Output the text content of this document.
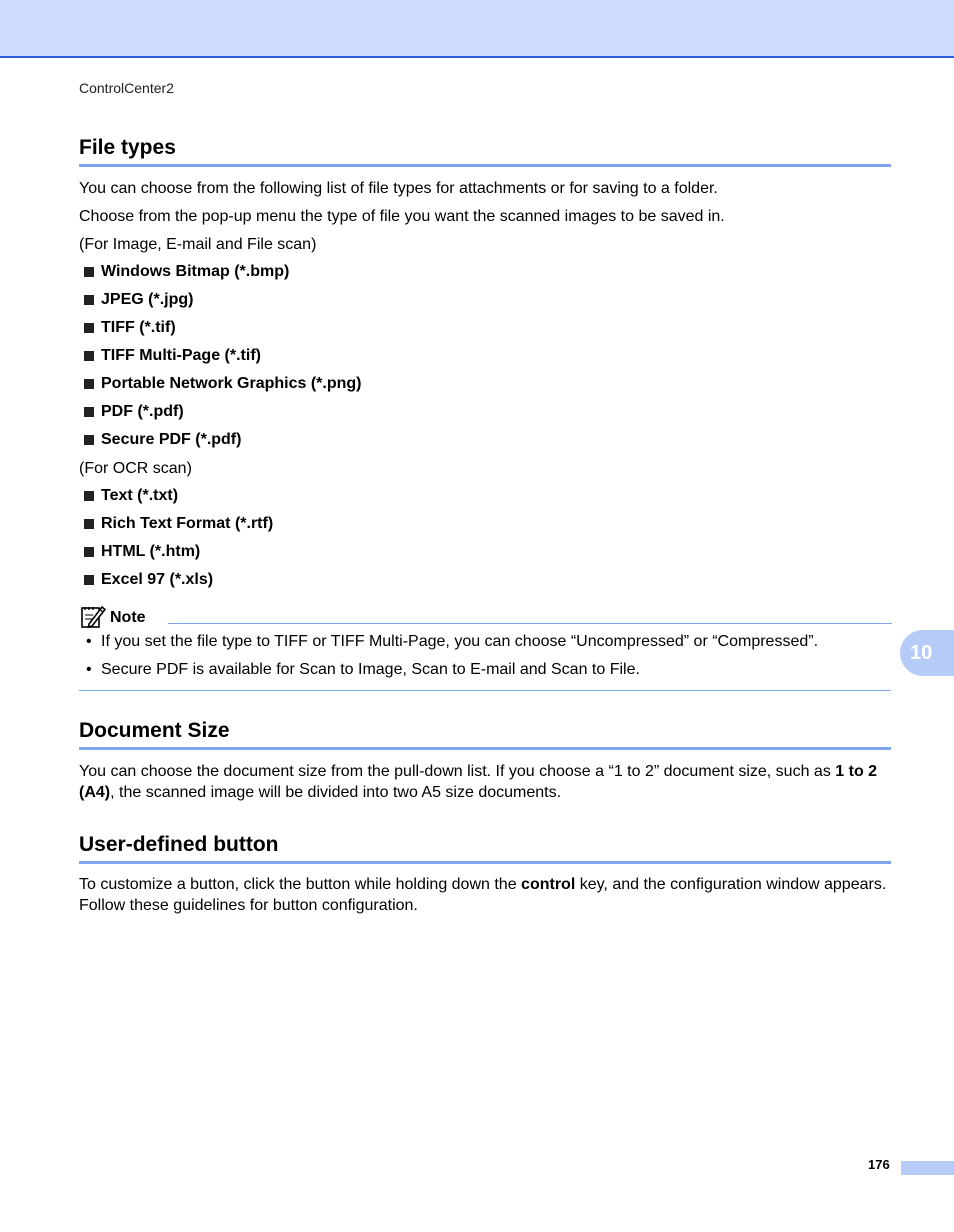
ControlCenter2
File types

You can choose from the following list of file types for attachments or for saving to a folder.

Choose from the pop-up menu the type of file you want the scanned images to be saved in.

(For Image, E-mail and File scan)

Windows Bitmap (*.bmp)
JPEG (*.jpg)
TIFF (*.tif)
TIFF Multi-Page (*.tif)
Portable Network Graphics (*.png)
PDF (*.pdf)
Secure PDF (*.pdf)

(For OCR scan)

Text (*.txt)
Rich Text Format (*.rtf)
HTML (*.htm)
Excel 97 (*.xls)
Note
• If you set the file type to TIFF or TIFF Multi-Page, you can choose “Uncompressed” or “Compressed”.
• Secure PDF is available for Scan to Image, Scan to E-mail and Scan to File.
10
Document Size

You can choose the document size from the pull-down list. If you choose a “1 to 2” document size, such as 1 to 2 (A4), the scanned image will be divided into two A5 size documents.

User-defined button

To customize a button, click the button while holding down the control key, and the configuration window appears. Follow these guidelines for button configuration.

176
